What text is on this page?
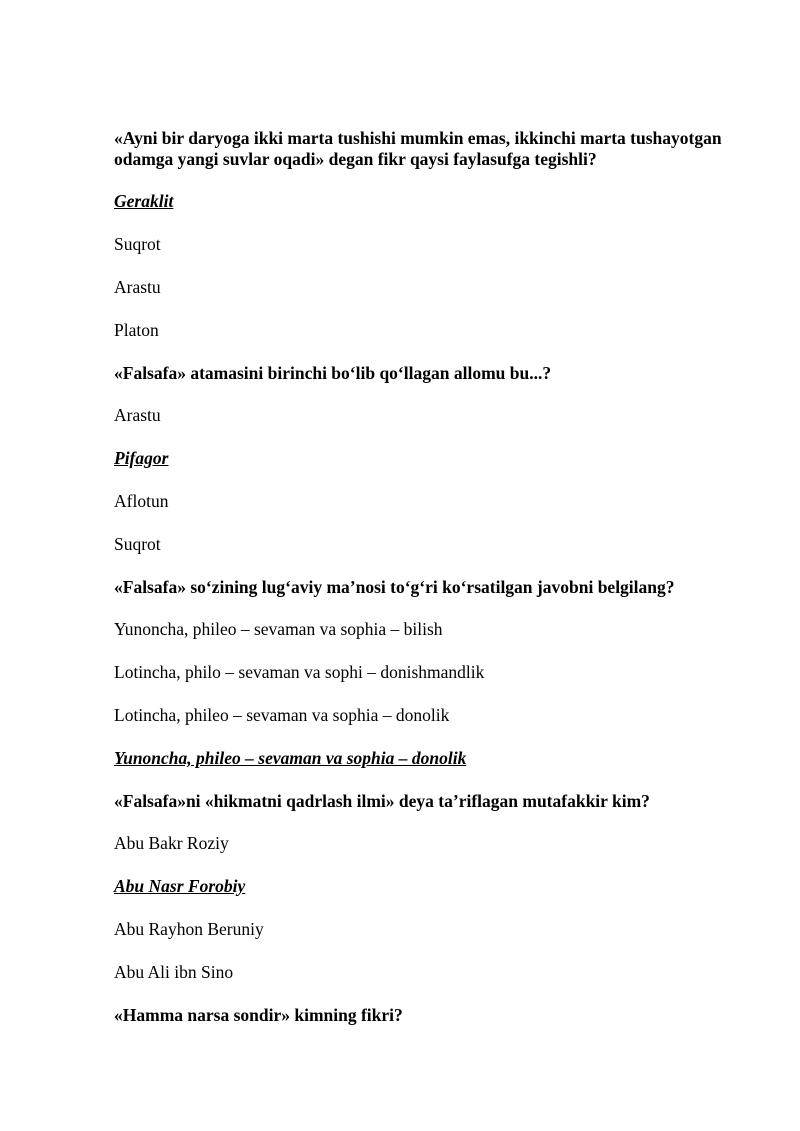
«Ayni bir daryoga ikki marta tushishi mumkin emas, ikkinchi marta tushayotgan odamga yangi suvlar oqadi» degan fikr qaysi faylasufga tegishli?

Geraklit

Suqrot

Arastu

Platon

«Falsafa» atamasini birinchi bo‘lib qo‘llagan allomu bu...?

Arastu

Pifagor

Aflotun

Suqrot

«Falsafa» so‘zining lug‘aviy ma’nosi to‘g‘ri ko‘rsatilgan javobni belgilang?

Yunoncha, phileo – sevaman va sophia – bilish

Lotincha, philo – sevaman va sophi – donishmandlik

Lotincha, phileo – sevaman va sophia – donolik

Yunoncha, phileo – sevaman va sophia – donolik

«Falsafa»ni «hikmatni qadrlash ilmi» deya ta’riflagan mutafakkir kim?

Abu Bakr Roziy

Abu Nasr Forobiy

Abu Rayhon Beruniy

Abu Ali ibn Sino

«Hamma narsa sondir» kimning fikri?
